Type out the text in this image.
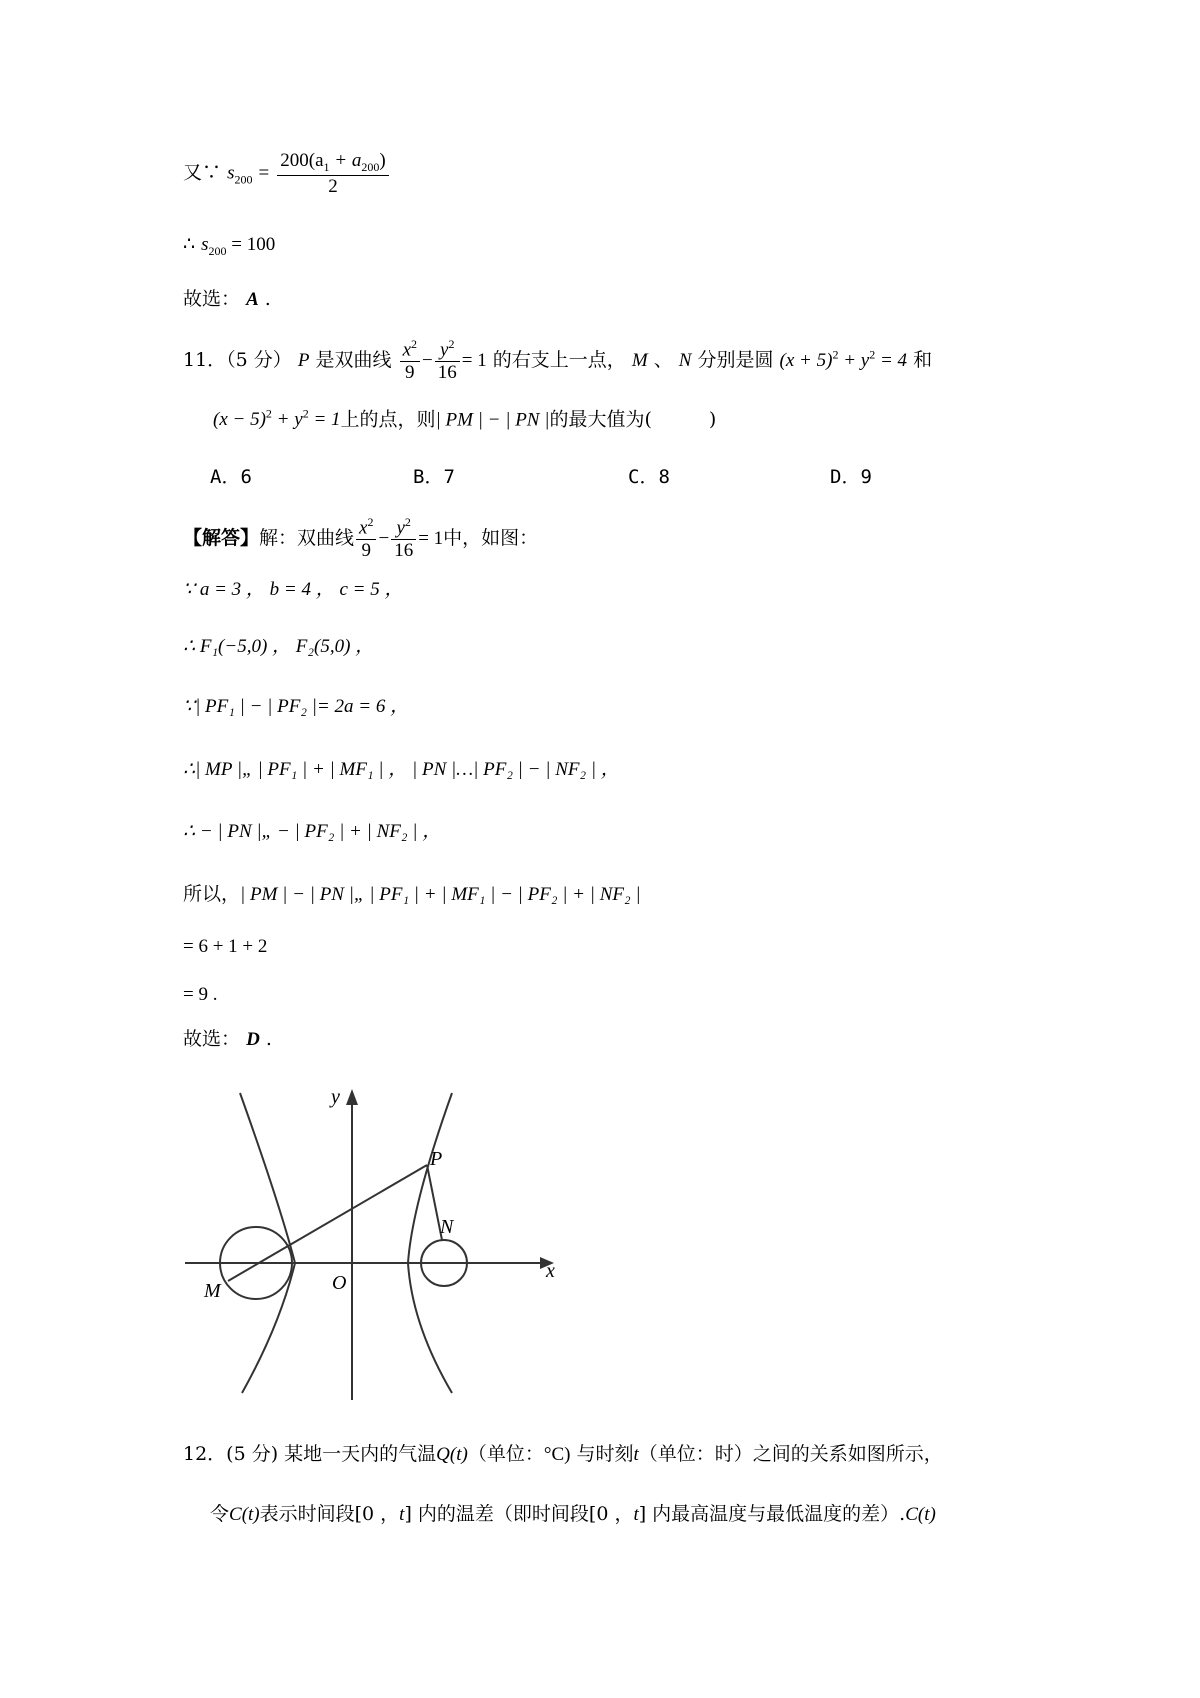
又∵ $s_{200} = \frac{200(a_1 + a_{200})}{2}$
∴ $s_{200} = 100$
故选： A .
11．（5 分） P 是双曲线 $\frac{x^2}{9} - \frac{y^2}{16} = 1$ 的右支上一点， M 、 N 分别是圆 $(x + 5)^2 + y^2 = 4$ 和
$(x - 5)^2 + y^2 = 1$上的点，则| PM | − | PN |的最大值为(　　　)
A．6	B．7	C．8	D．9
【解答】解：双曲线 $\frac{x^2}{9} - \frac{y^2}{16} = 1$中，如图：
∵ a = 3 ， b = 4 ， c = 5 ，
∴ F₁(−5,0) ， F₂(5,0) ，
∵| PF₁ | − | PF₂ |= 2a = 6 ，
∴| MP |„ | PF₁ | + | MF₁ | ， | PN |…| PF₂ | − | NF₂ | ，
∴ − | PN |„ − | PF₂ | + | NF₂ | ，
所以，| PM | − | PN |„ | PF₁ | + | MF₁ | − | PF₂ | + | NF₂ |
= 6 + 1 + 2
= 9 .
故选： D .
y
x
O
P
N
M
12．(5 分) 某地一天内的气温Q(t)（单位：°C) 与时刻t（单位：时）之间的关系如图所示，
令C(t)表示时间段[0 ，t] 内的温差（即时间段[0 ，t] 内最高温度与最低温度的差）.C(t)
